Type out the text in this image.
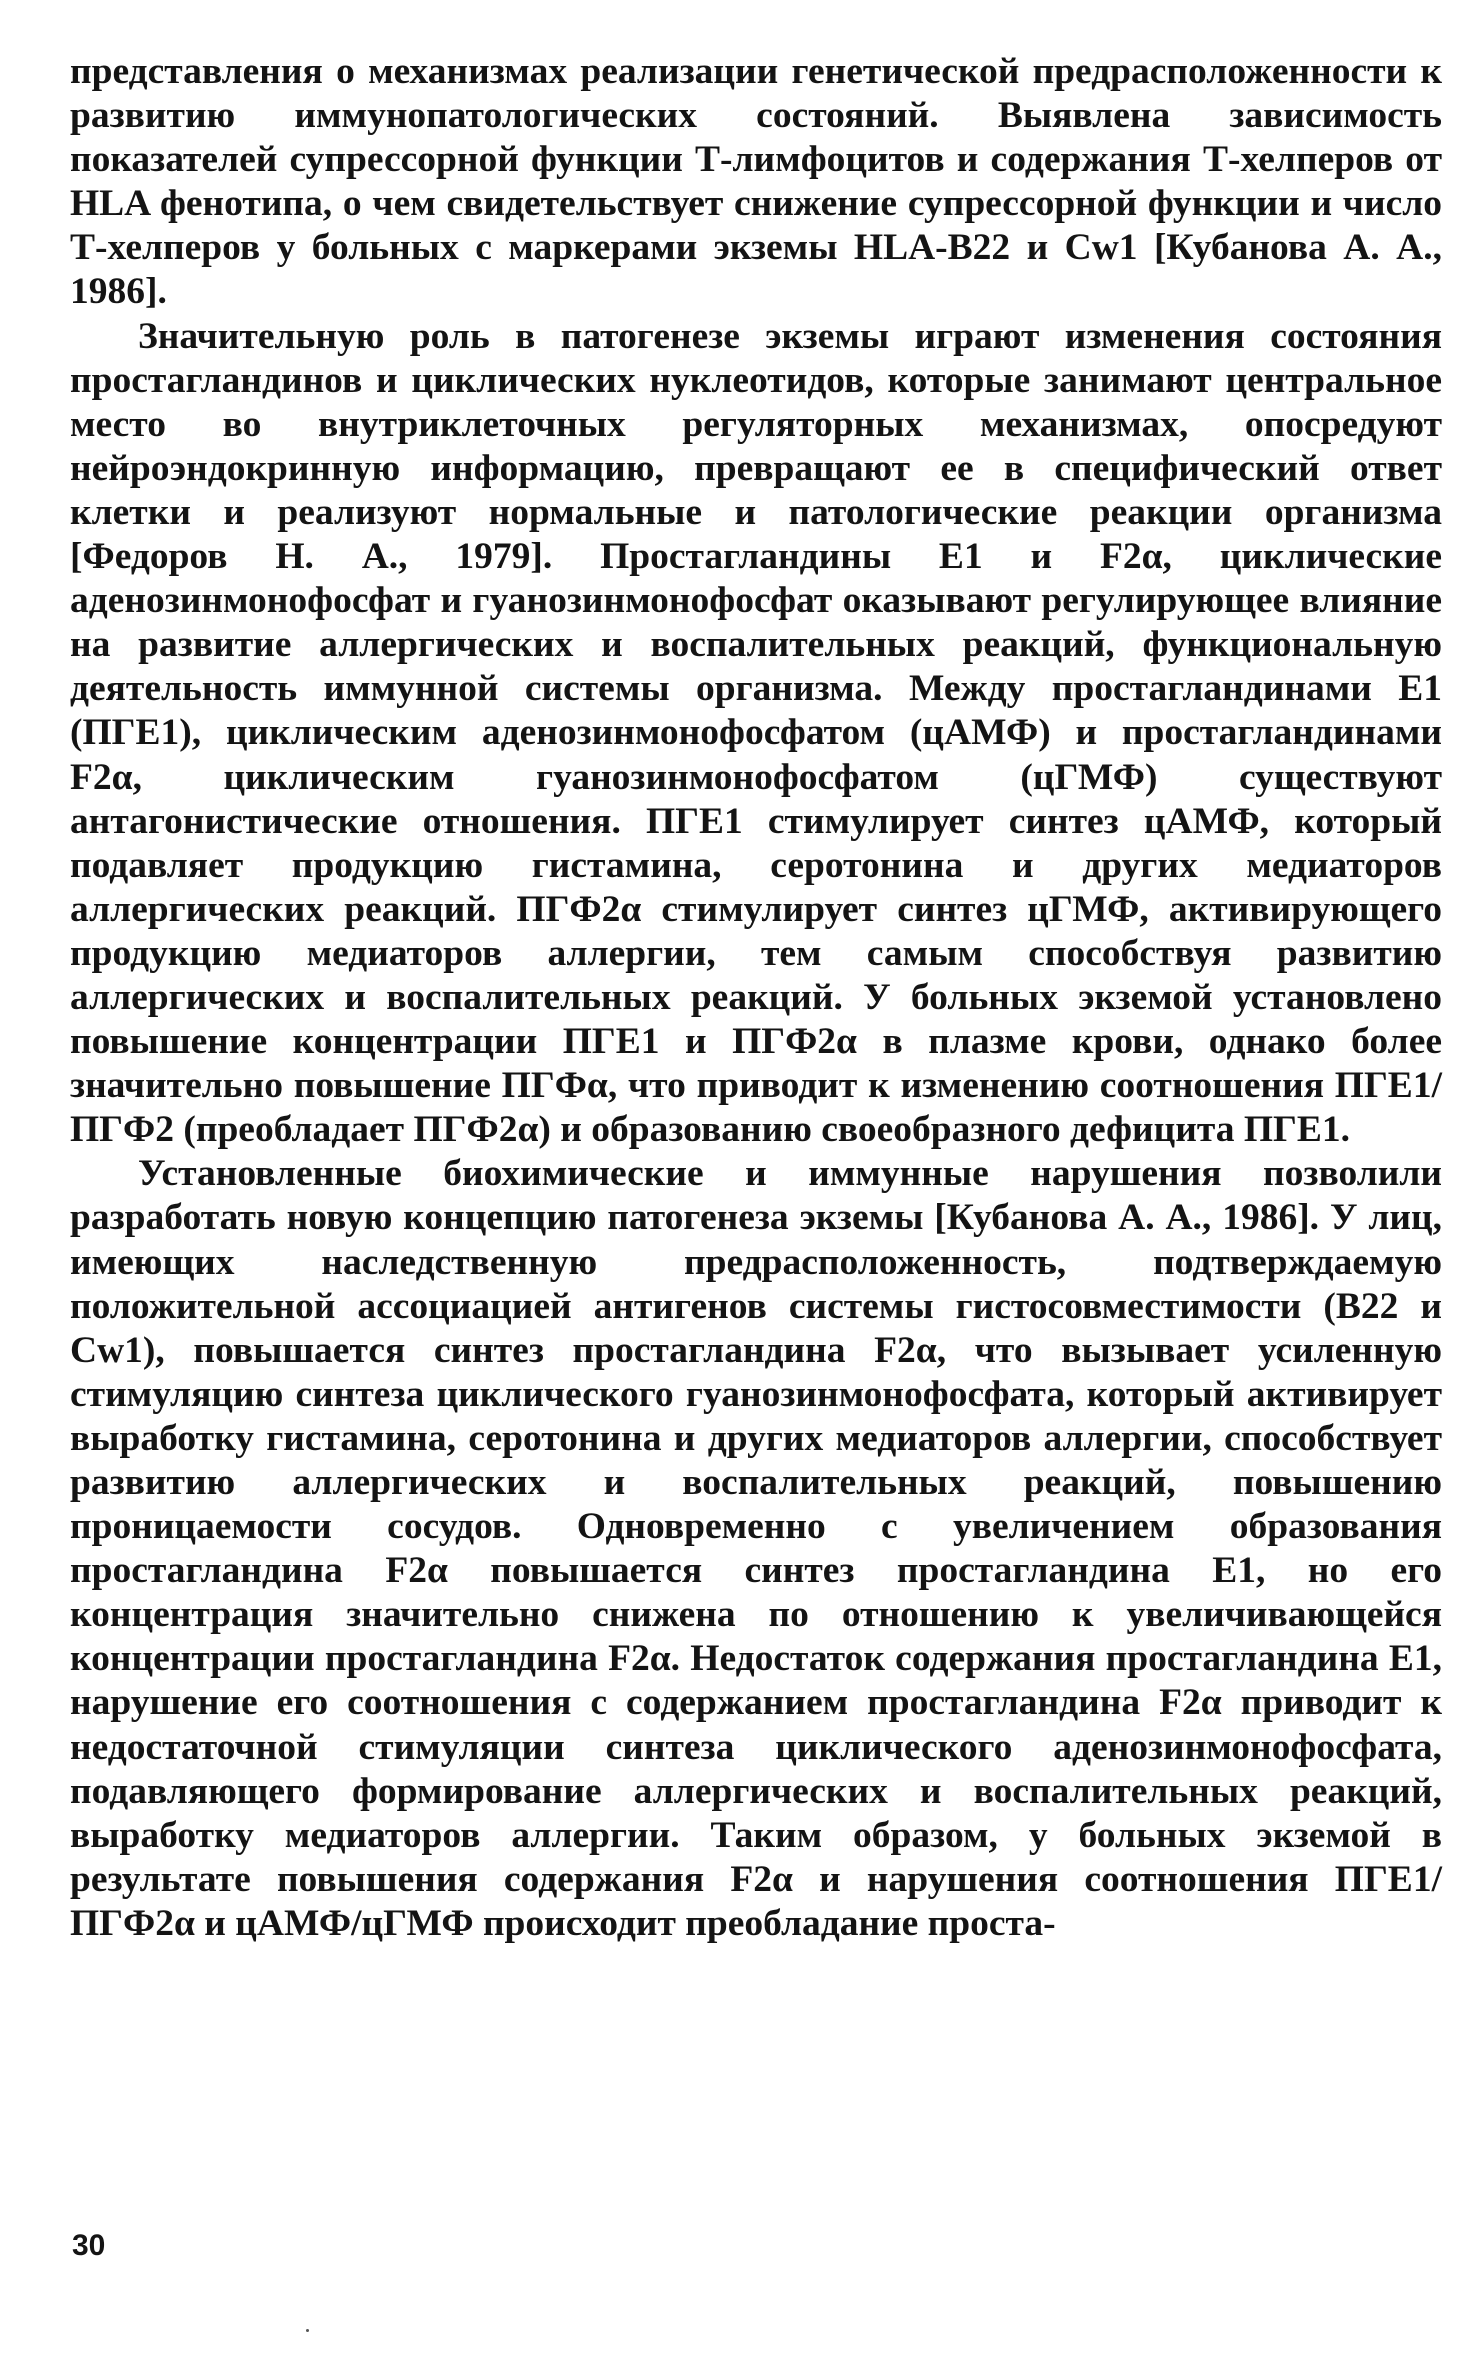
представления о механизмах реализации генетической предрасположенности к развитию иммунопатологических состояний. Выявлена зависимость показателей супрессорной функции Т-лимфоцитов и содержания Т-хелперов от HLA фенотипа, о чем свидетельствует снижение супрессорной функции и число Т-хелперов у больных с маркерами экземы HLA-B22 и Cw1 [Кубанова А. А., 1986].

Значительную роль в патогенезе экземы играют изменения состояния простагландинов и циклических нуклеотидов, которые занимают центральное место во внутриклеточных регуляторных механизмах, опосредуют нейроэндокринную информацию, превращают ее в специфический ответ клетки и реализуют нормальные и патологические реакции организма [Федоров Н. А., 1979]. Простагландины E1 и F2α, циклические аденозинмонофосфат и гуанозинмонофосфат оказывают регулирующее влияние на развитие аллергических и воспалительных реакций, функциональную деятельность иммунной системы организма. Между простагландинами E1 (ПГЕ1), циклическим аденозинмонофосфатом (цАМФ) и простагландинами F2α, циклическим гуанозинмонофосфатом (цГМФ) существуют антагонистические отношения. ПГЕ1 стимулирует синтез цАМФ, который подавляет продукцию гистамина, серотонина и других медиаторов аллергических реакций. ПГФ2α стимулирует синтез цГМФ, активирующего продукцию медиаторов аллергии, тем самым способствуя развитию аллергических и воспалительных реакций. У больных экземой установлено повышение концентрации ПГЕ1 и ПГФ2α в плазме крови, однако более значительно повышение ПГФα, что приводит к изменению соотношения ПГЕ1/ПГФ2 (преобладает ПГФ2α) и образованию своеобразного дефицита ПГЕ1.

Установленные биохимические и иммунные нарушения позволили разработать новую концепцию патогенеза экземы [Кубанова А. А., 1986]. У лиц, имеющих наследственную предрасположенность, подтверждаемую положительной ассоциацией антигенов системы гистосовместимости (B22 и Cw1), повышается синтез простагландина F2α, что вызывает усиленную стимуляцию синтеза циклического гуанозинмонофосфата, который активирует выработку гистамина, серотонина и других медиаторов аллергии, способствует развитию аллергических и воспалительных реакций, повышению проницаемости сосудов. Одновременно с увеличением образования простагландина F2α повышается синтез простагландина E1, но его концентрация значительно снижена по отношению к увеличивающейся концентрации простагландина F2α. Недостаток содержания простагландина E1, нарушение его соотношения с содержанием простагландина F2α приводит к недостаточной стимуляции синтеза циклического аденозинмонофосфата, подавляющего формирование аллергических и воспалительных реакций, выработку медиаторов аллергии. Таким образом, у больных экземой в результате повышения содержания F2α и нарушения соотношения ПГЕ1/ПГФ2α и цАМФ/цГМФ происходит преобладание проста-

30
